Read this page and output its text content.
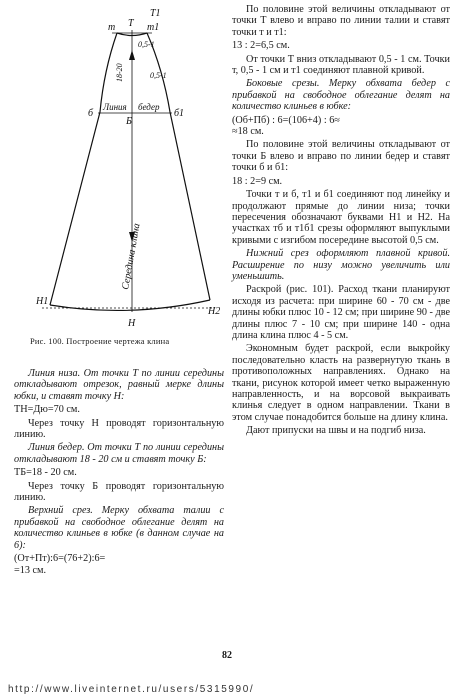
т Т т1
Т1
0,5-1
18-20	0,5-1
б
Б
б1
Линия бедер
Середина клина
Н1
Н
Н2
Рис. 100. Построение чертежа клина

Линия низа. От точки Т по линии середины откладывают отрезок, равный мерке длины юбки, и ставят точку Н:

ТН=Дю=70 см.

Через точку Н проводят горизонтальную линию.

Линия бедер. От точки Т по линии середины откладывают 18 - 20 см и ставят точку Б:

ТБ=18 - 20 см.

Через точку Б проводят горизонтальную линию.

Верхний срез. Мерку обхвата талии с прибавкой на свободное облегание делят на количество клиньев в юбке (в данном случае на 6):

(От+Пт):6=(76+2):6=

=13 см.

По половине этой величины откладывают от точки Т влево и вправо по линии талии и ставят точки т и т1:

13 : 2=6,5 см.

От точки Т вниз откладывают 0,5 - 1 см. Точки т, 0,5 - 1 см и т1 соединяют плавной кривой.

Боковые срезы. Мерку обхвата бедер с прибавкой на свободное облегание делят на количество клиньев в юбке:

(Об+Пб) : 6=(106+4) : 6≈

≈18 см.

По половине этой величины откладывают от точки Б влево и вправо по линии бедер и ставят точки б и б1:

18 : 2=9 см.

Точки т и б, т1 и б1 соединяют под линейку и продолжают прямые до линии низа; точки пересечения обозначают буквами Н1 и Н2. На участках тб и т1б1 срезы оформляют выпуклыми кривыми с изгибом посередине высотой 0,5 см.

Нижний срез оформляют плавной кривой. Расширение по низу можно увеличить или уменьшить.

Раскрой (рис. 101). Расход ткани планируют исходя из расчета: при ширине 60 - 70 см - две длины юбки плюс 10 - 12 см; при ширине 90 - две длины плюс 7 - 10 см; при ширине 140 - одна длина клина плюс 4 - 5 см.

Экономным будет раскрой, если выкройку последовательно класть на развернутую ткань в противоположных направлениях. Однако на ткани, рисунок которой имеет четко выраженную направленность, и на ворсовой выкраивать клинья следует в одном направлении. Ткани в этом случае понадобится больше на длину клина.

Дают припуски на швы и на подгиб низа.

82
http://www.liveinternet.ru/users/5315990/
